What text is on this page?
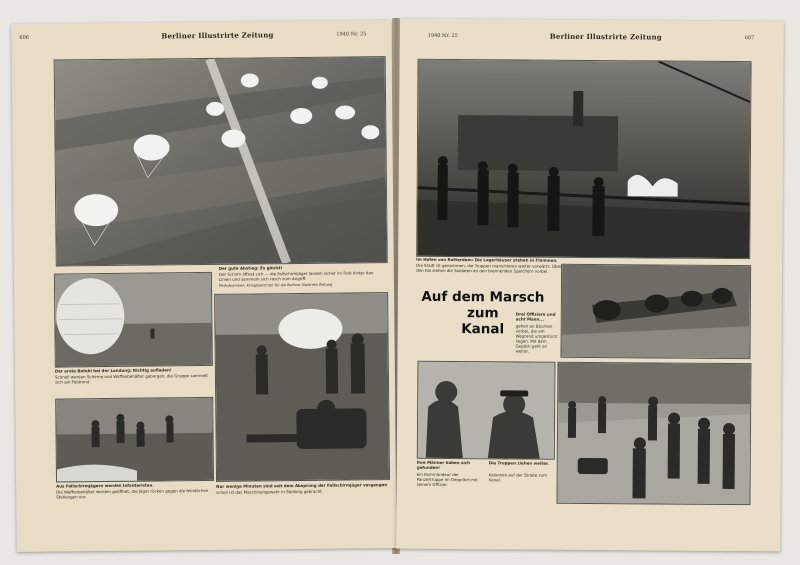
606	Berliner Illustrirte Zeitung	1940 Nr. 25
Der gute Abstieg: Es glückt!
Der Schirm öffnet sich — die Fallschirmjäger landen sicher im Feld hinter den Linien und sammeln sich rasch zum Angriff.
PK-Aufnahmen: Kriegsberichter für die Berliner Illustrirte Zeitung
Der erste Befehl bei der Landung: Richtig aufladen!
Schnell werden Schirme und Waffenbehälter geborgen, die Gruppe sammelt sich am Feldrand.
Nur wenige Minuten sind seit dem Absprung der Fallschirmjäger vergangen
schon ist das Maschinengewehr in Stellung gebracht.
Aus Fallschirmjägern werden Infanteristen.
Die Waffenbehälter werden geöffnet, die Jäger rücken gegen die feindlichen Stellungen vor.
1940 Nr. 25	Berliner Illustrirte Zeitung	607
Im Hafen von Rotterdam: Die Lagerhäuser stehen in Flammen.
Die Stadt ist genommen, die Truppen marschieren weiter vorwärts. Über den Kai ziehen die Soldaten an den brennenden Speichern vorbei.
Auf dem Marsch
zum
Kanal
Drei Offiziere und acht Mann...
gehen an Bäumen vorbei, die am Wegrand umgestürzt liegen. Mit dem Gepäck geht es weiter.
Ihre Männer haben sich gefunden!
Ein Kommandeur der Panzertruppe im Gespräch mit seinem Offizier.
Die Truppen ziehen weiter.
Kolonnen auf der Straße zum Kanal.
